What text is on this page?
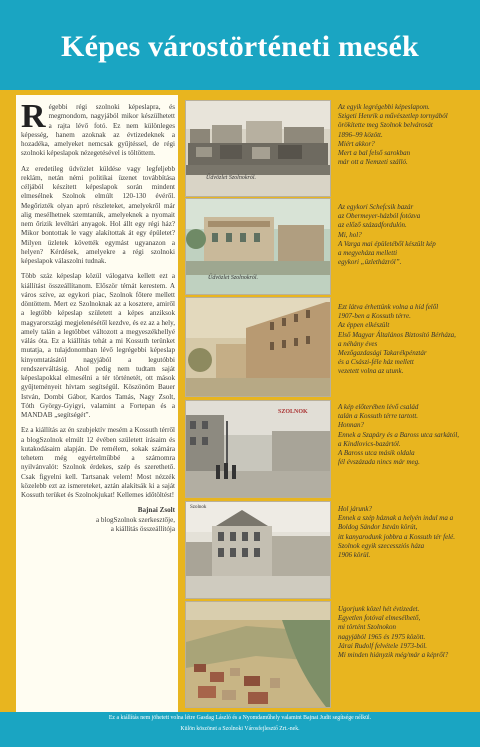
Képes várostörténeti mesék

Régebbi régi szolnoki képeslapra, és megmondom, nagyjából mikor készülhetett a rajta lévő fotó. Ez nem különleges képesség, hanem azoknak az évtizedeknek a hozadéka, amelyeket nemcsak gyűjtéssel, de régi szolnoki képeslapok nézegetésével is töltöttem.

Az eredetileg üdvözlet küldése vagy legfeljebb reklám, netán némi politikai üzenet továbbítása céljából készített képeslapok során mindent elmesélnek Szolnok elmúlt 120-130 évéről. Megőrizték olyan apró részleteket, amelyekről már alig mesélhetnek szemtanúk, amelyeknek a nyomait nem őrizik levéltári anyagok. Hol állt egy régi ház? Mikor bontottak le vagy alakítottak át egy épületet? Milyen üzletek követték egymást ugyanazon a helyen? Kérdések, amelyekre a régi szolnoki képeslapok válaszolni tudnak.

Több száz képeslap közül válogatva kellett ezt a kiállítást összeállítanom. Először témát kerestem. A város szíve, az egykori piac, Szolnok főtere mellett döntöttem. Mert ez Szolnoknak az a kosztere, amiről a legtöbb képeslap született a képes anziksok magyarországi megjelenésétől kezdve, és ez az a hely, amely talán a legtöbbet változott a megyeszékhellyé válás óta. Ez a kiállítás tehát a mi Kossuth terünket mutatja, a tulajdonomban lévő legrégebbi képeslap kinyomtatásától nagyjából a legutóbbi rendszerváltásig. Ahol pedig nem tudtam saját képeslapokkal elmesélni a tér történetét, ott mások gyűjteményeit hívtam segítségül. Köszönöm Bauer István, Dombi Gábor, Kardos Tamás, Nagy Zsolt, Tóth György-Gyigyi, valamint a Fortepan és a MANDAB „segítségét”.

Ez a kiállítás az én szubjektív mesém a Kossuth térről a blogSzolnok elmúlt 12 évében született írásaim és kutakodásaim alapján. De remélem, sokak számára tehetem még egyértelműbbé a számomra nyilvánvalót: Szolnok érdekes, szép és szerethető. Csak figyelni kell. Tartsanak velem! Most nézzék közelebb ezt az ismereteket, aztán alakítsák ki a saját Kossuth terüket és Szolnokjukat! Kellemes időtöltést!

Bajnai Zsolt
a blogSzolnok szerkesztője,
a kiállítás összeállítója
Üdvözlet Szolnokról.
Az egyik legrégebbi képeslapom.
Szigeti Henrik a művészetlep tornyából
örökítette meg Szolnok belvárosát
1896–99 között.
Miért akkor?
Mert a bal felső sarokban
már ott a Nemzeti szálló.
Üdvözlet Szolnokról.
Az egykori Schefcsik bazár
az Obermeyer-házból fotózva
az előző századfordulón.
Mi, hol?
A Varga mai épületéből készült kép
a megyeháza melletti
egykori „üzletházról”.
Ezt látva érhettünk volna a híd felől
1907-ben a Kossuth térre.
Az éppen elkészült
Első Magyar Általános Biztosító Bérháza,
a néhány éves
Mezőgazdasági Takarékpénztár
és a Császi-féle ház mellett
vezetett volna az utunk.
SZOLNOK
A kép előterében lévő család
talán a Kossuth térre tartott.
Honnan?
Ennek a Szapáry és a Baross utca sarkától,
a Kindlovics-bazártól.
A Baross utca másik oldala
fél évszázada nincs már meg.
Szolnok	Hol járunk?
Ennek a szép háznak a helyén indul ma a
Boldog Sándor István körút,
itt kanyarodunk jobbra a Kossuth tér felé.
Szolnok egyik szecessziós háza
1906 körül.
Ugorjunk közel hét évtizedet.
Egyetlen fotóval elmesélhető,
mi történt Szolnokon
nagyjából 1965 és 1975 között.
Járai Rudolf felvétele 1973-ból.
Mi minden hiányzik még/már a képről?
Ez a kiállítás nem jöhetett volna létre Gasdag László és a Nyomdaműhely valamint Bajnai Judit segítsége nélkül.
Külön köszönet a Szolnoki Városfejlesztő Zrt.-nek.
